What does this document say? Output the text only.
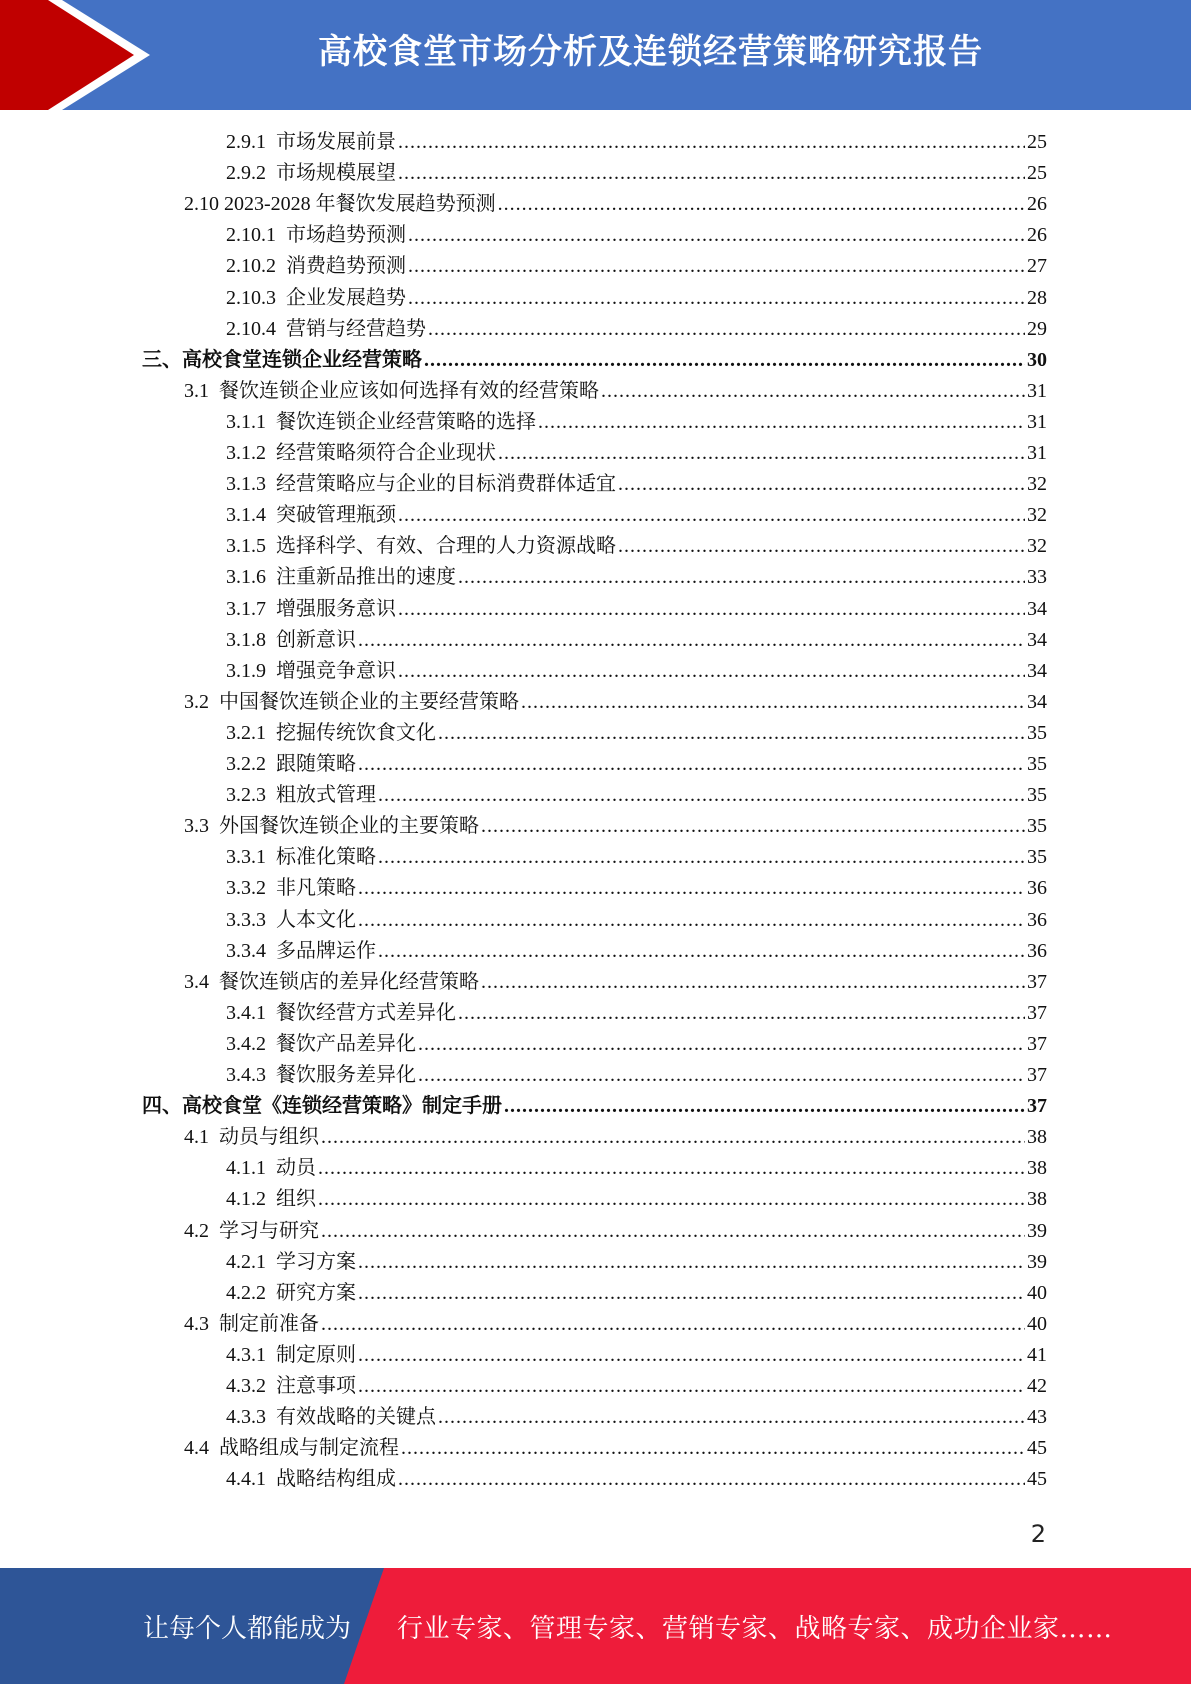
高校食堂市场分析及连锁经营策略研究报告
2.9.1  市场发展前景 .....	25
2.9.2  市场规模展望 .....	25
2.10 2023-2028 年餐饮发展趋势预测 .....	26
2.10.1  市场趋势预测 .....	26
2.10.2  消费趋势预测 .....	27
2.10.3  企业发展趋势 .....	28
2.10.4  营销与经营趋势 .....	29
三、高校食堂连锁企业经营策略 .....	30
3.1  餐饮连锁企业应该如何选择有效的经营策略 .....	31
3.1.1  餐饮连锁企业经营策略的选择 .....	31
3.1.2  经营策略须符合企业现状 .....	31
3.1.3  经营策略应与企业的目标消费群体适宜 .....	32
3.1.4  突破管理瓶颈 .....	32
3.1.5  选择科学、有效、合理的人力资源战略 .....	32
3.1.6  注重新品推出的速度 .....	33
3.1.7  增强服务意识 .....	34
3.1.8  创新意识 .....	34
3.1.9  增强竞争意识 .....	34
3.2  中国餐饮连锁企业的主要经营策略 .....	34
3.2.1  挖掘传统饮食文化 .....	35
3.2.2  跟随策略 .....	35
3.2.3  粗放式管理 .....	35
3.3  外国餐饮连锁企业的主要策略 .....	35
3.3.1  标准化策略 .....	35
3.3.2  非凡策略 .....	36
3.3.3  人本文化 .....	36
3.3.4  多品牌运作 .....	36
3.4  餐饮连锁店的差异化经营策略 .....	37
3.4.1  餐饮经营方式差异化 .....	37
3.4.2  餐饮产品差异化 .....	37
3.4.3  餐饮服务差异化 .....	37
四、高校食堂《连锁经营策略》制定手册 .....	37
4.1  动员与组织 .....	38
4.1.1  动员 .....	38
4.1.2  组织 .....	38
4.2  学习与研究 .....	39
4.2.1  学习方案 .....	39
4.2.2  研究方案 .....	40
4.3  制定前准备 .....	40
4.3.1  制定原则 .....	41
4.3.2  注意事项 .....	42
4.3.3  有效战略的关键点 .....	43
4.4  战略组成与制定流程 .....	45
4.4.1  战略结构组成 .....	45
2
让每个人都能成为 行业专家、管理专家、营销专家、战略专家、成功企业家……
